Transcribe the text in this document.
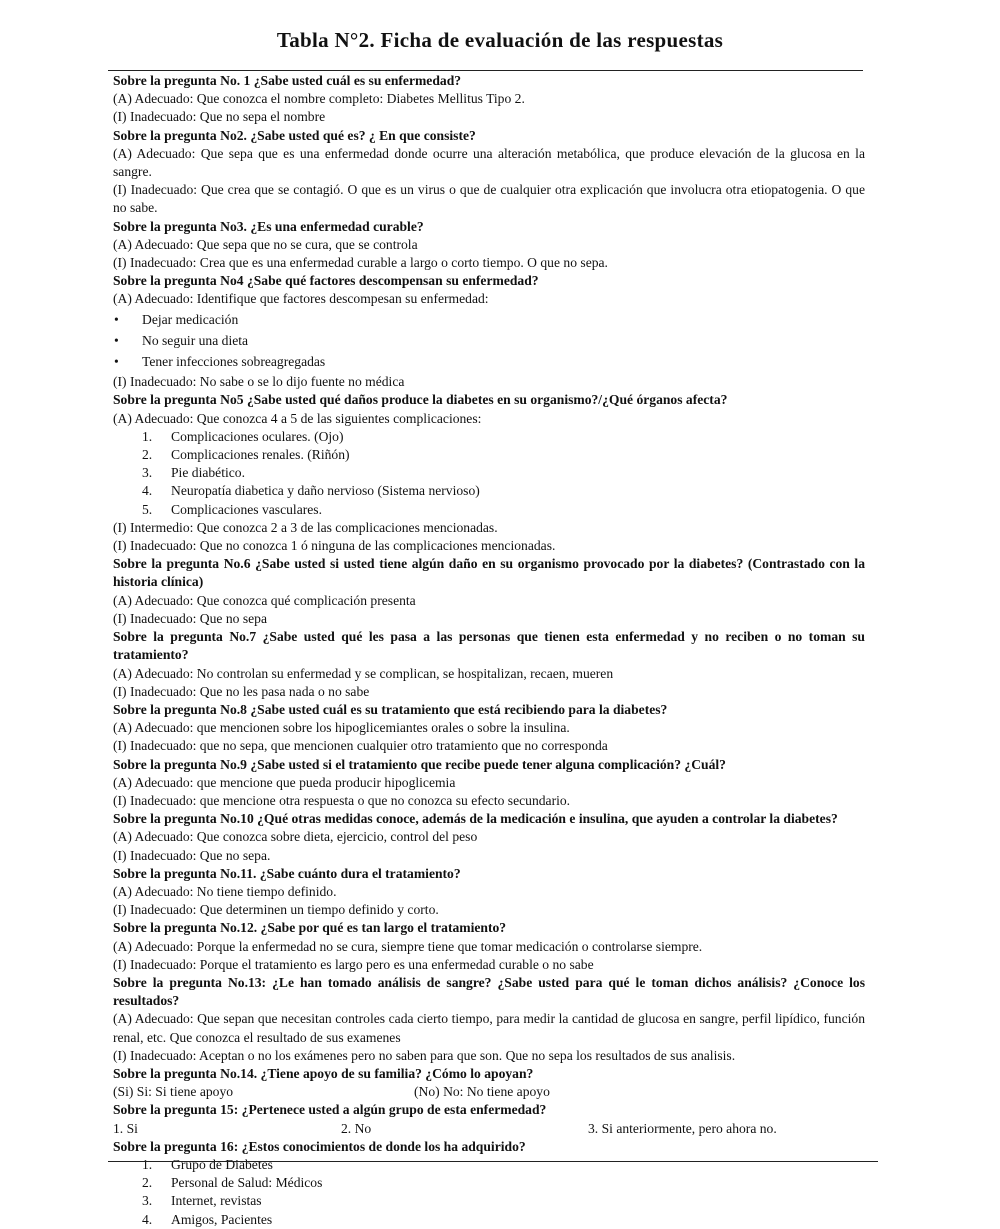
Tabla N°2. Ficha de evaluación de las respuestas

Sobre la pregunta No. 1 ¿Sabe usted cuál es su enfermedad?

(A) Adecuado: Que conozca el nombre completo: Diabetes Mellitus Tipo 2.

(I) Inadecuado: Que no sepa el nombre

Sobre la pregunta No2. ¿Sabe usted qué es? ¿ En que consiste?

(A) Adecuado: Que sepa que es una enfermedad donde ocurre una alteración metabólica, que produce elevación de la glucosa en la sangre.

(I) Inadecuado: Que crea que se contagió. O que es un virus o que de cualquier otra explicación que involucra otra etiopatogenia. O que no sabe.

Sobre la pregunta No3. ¿Es una enfermedad curable?

(A) Adecuado: Que sepa que no se cura, que se controla

(I) Inadecuado: Crea que es una enfermedad curable a largo o corto tiempo. O que no sepa.

Sobre la pregunta No4 ¿Sabe qué factores descompensan su enfermedad?

(A) Adecuado: Identifique que factores descompesan su enfermedad:

• Dejar medicación

• No seguir una dieta

• Tener infecciones sobreagregadas

(I) Inadecuado: No sabe o se lo dijo fuente no médica

Sobre la pregunta No5 ¿Sabe usted qué daños produce la diabetes en su organismo?/¿Qué órganos afecta?

(A) Adecuado: Que conozca 4 a 5 de las siguientes complicaciones:

1. Complicaciones oculares. (Ojo)

2. Complicaciones renales. (Riñón)

3. Pie diabético.

4. Neuropatía diabetica y daño nervioso (Sistema nervioso)

5. Complicaciones vasculares.

(I) Intermedio: Que conozca 2 a 3 de las complicaciones mencionadas.

(I) Inadecuado: Que no conozca 1 ó ninguna de las complicaciones mencionadas.

Sobre la pregunta No.6 ¿Sabe usted si usted tiene algún daño en su organismo provocado por la diabetes? (Contrastado con la historia clínica)

(A) Adecuado: Que conozca qué complicación presenta

(I) Inadecuado: Que no sepa

Sobre la pregunta No.7 ¿Sabe usted qué les pasa a las personas que tienen esta enfermedad y no reciben o no toman su tratamiento?

(A) Adecuado: No controlan su enfermedad y se complican, se hospitalizan, recaen, mueren

(I) Inadecuado: Que no les pasa nada o no sabe

Sobre la pregunta No.8 ¿Sabe usted cuál es su tratamiento que está recibiendo para la diabetes?

(A) Adecuado: que mencionen sobre los hipoglicemiantes orales o sobre la insulina.

(I) Inadecuado: que no sepa, que mencionen cualquier otro tratamiento que no corresponda

Sobre la pregunta No.9 ¿Sabe usted si el tratamiento que recibe puede tener alguna complicación? ¿Cuál?

(A) Adecuado: que mencione que pueda producir hipoglicemia

(I) Inadecuado: que mencione otra respuesta o que no conozca su efecto secundario.

Sobre la pregunta No.10 ¿Qué otras medidas conoce, además de la medicación e insulina, que ayuden a controlar la diabetes?

(A) Adecuado: Que conozca sobre dieta, ejercicio, control del peso

(I) Inadecuado: Que no sepa.

Sobre la pregunta No.11. ¿Sabe cuánto dura el tratamiento?

(A) Adecuado: No tiene tiempo definido.

(I) Inadecuado: Que determinen un tiempo definido y corto.

Sobre la pregunta No.12. ¿Sabe por qué es tan largo el tratamiento?

(A) Adecuado: Porque la enfermedad no se cura, siempre tiene que tomar medicación o controlarse siempre.

(I) Inadecuado: Porque el tratamiento es largo pero es una enfermedad curable o no sabe

Sobre la pregunta No.13: ¿Le han tomado análisis de sangre? ¿Sabe usted para qué le toman dichos análisis? ¿Conoce los resultados?

(A) Adecuado: Que sepan que necesitan controles cada cierto tiempo, para medir la cantidad de glucosa en sangre, perfil lipídico, función renal, etc. Que conozca el resultado de sus examenes

(I) Inadecuado: Aceptan o no los exámenes pero no saben para que son. Que no sepa los resultados de sus analisis.

Sobre la pregunta No.14. ¿Tiene apoyo de su familia? ¿Cómo lo apoyan?

(Si) Si: Si tiene apoyo	(No) No: No tiene apoyo

Sobre la pregunta 15: ¿Pertenece usted a algún grupo de esta enfermedad?

1. Si	2. No	3. Si anteriormente, pero ahora no.

Sobre la pregunta 16: ¿Estos conocimientos de donde los ha adquirido?

1. Grupo de Diabetes

2. Personal de Salud: Médicos

3. Internet, revistas

4. Amigos, Pacientes
